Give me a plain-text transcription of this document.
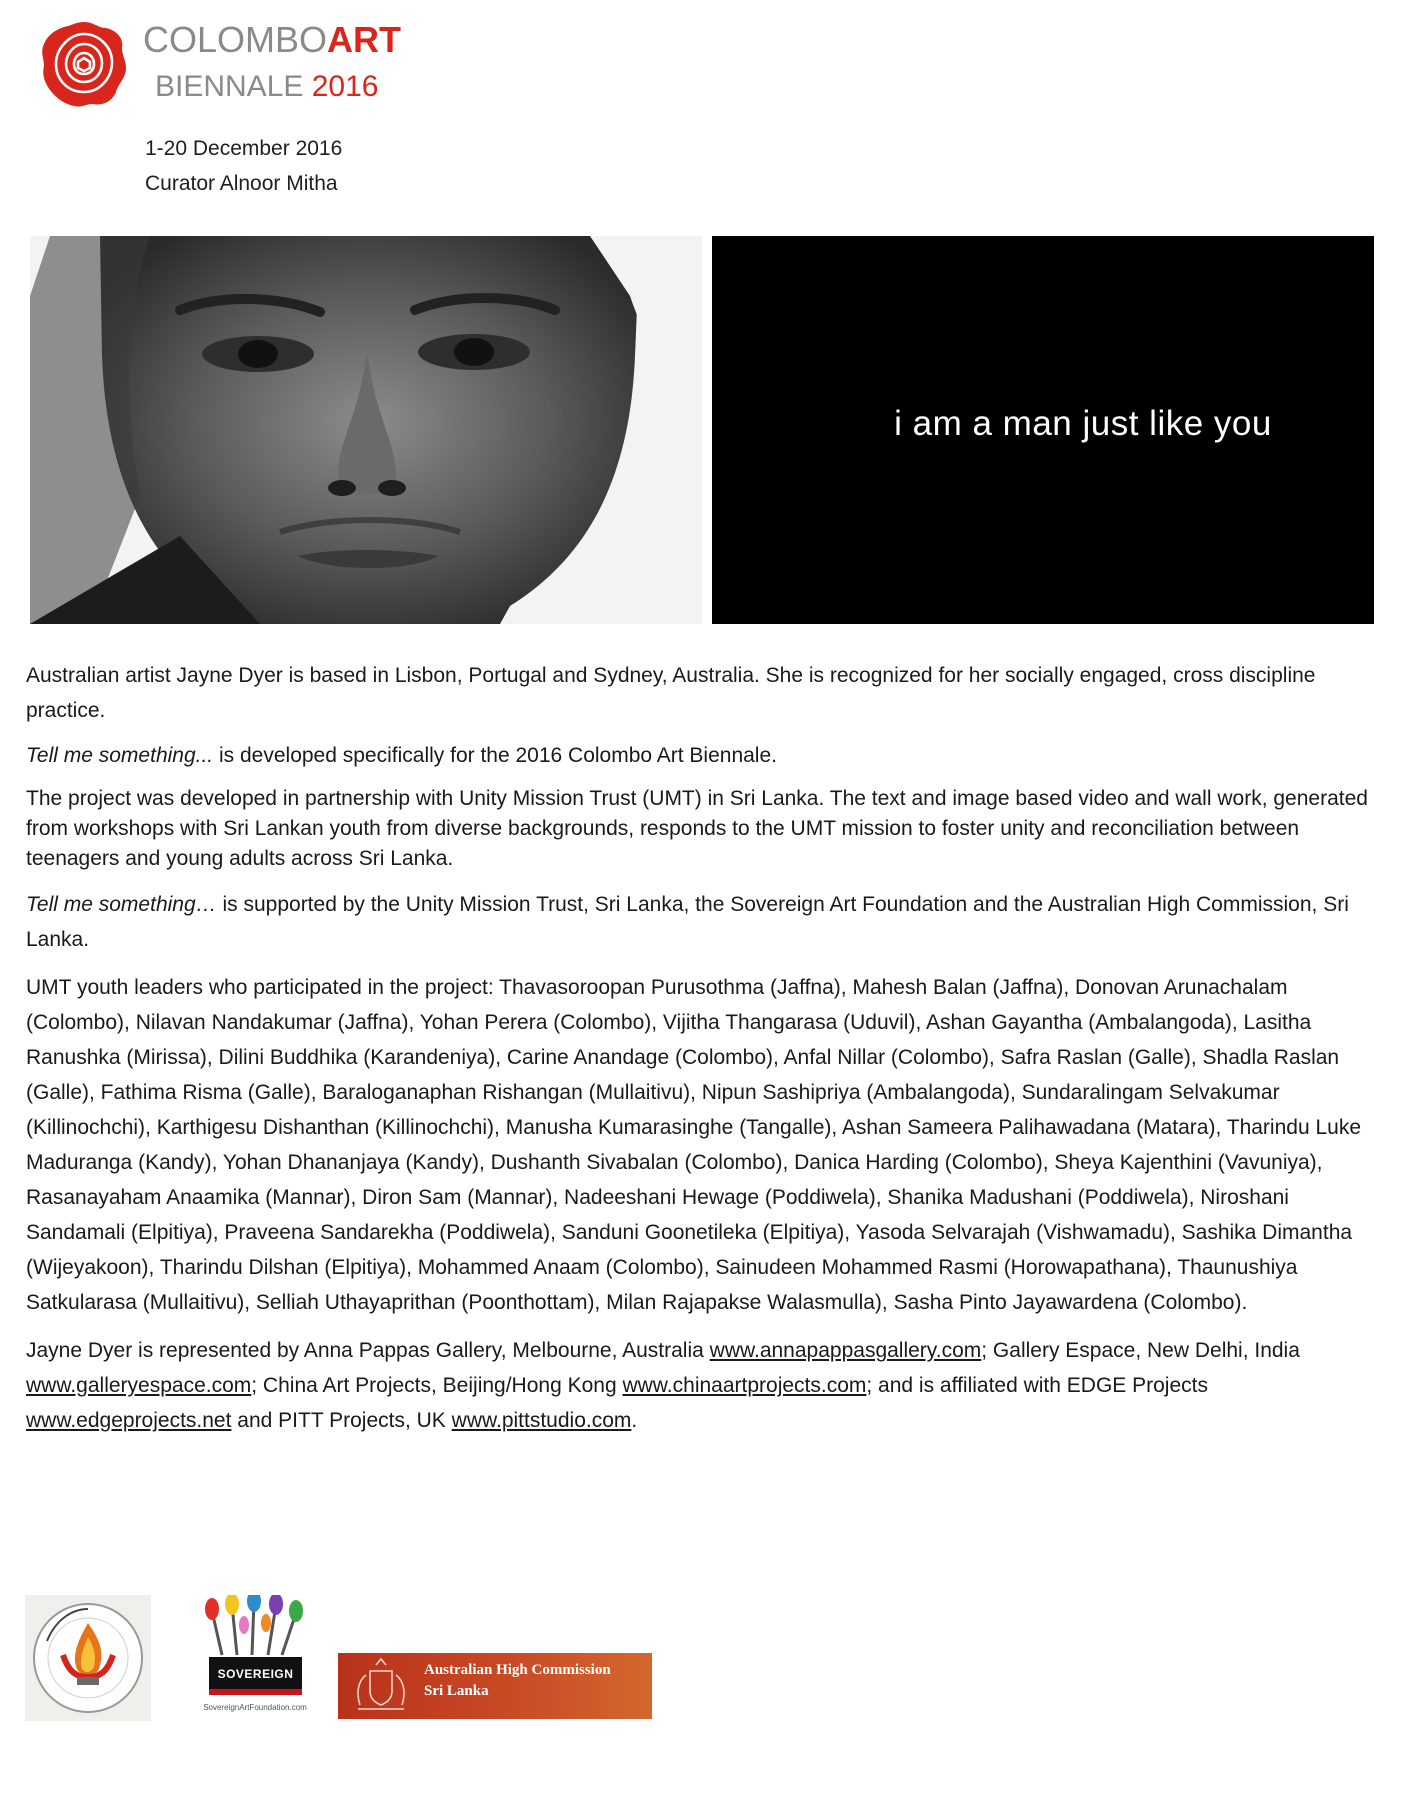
COLOMBOART
BIENNALE 2016
1-20 December 2016
Curator Alnoor Mitha
i am a man just like you

Australian artist Jayne Dyer is based in Lisbon, Portugal and Sydney, Australia. She is recognized for her socially engaged, cross discipline practice.

Tell me something... is developed specifically for the 2016 Colombo Art Biennale.

The project was developed in partnership with Unity Mission Trust (UMT) in Sri Lanka. The text and image based video and wall work, generated from workshops with Sri Lankan youth from diverse backgrounds, responds to the UMT mission to foster unity and reconciliation between teenagers and young adults across Sri Lanka.

Tell me something… is supported by the Unity Mission Trust, Sri Lanka, the Sovereign Art Foundation and the Australian High Commission, Sri Lanka.

UMT youth leaders who participated in the project: Thavasoroopan Purusothma (Jaffna), Mahesh Balan (Jaffna), Donovan Arunachalam (Colombo), Nilavan Nandakumar (Jaffna), Yohan Perera (Colombo), Vijitha Thangarasa (Uduvil), Ashan Gayantha (Ambalangoda), Lasitha Ranushka (Mirissa), Dilini Buddhika (Karandeniya), Carine Anandage (Colombo), Anfal Nillar (Colombo), Safra Raslan (Galle), Shadla Raslan (Galle), Fathima Risma (Galle), Baraloganaphan Rishangan (Mullaitivu), Nipun Sashipriya (Ambalangoda), Sundaralingam Selvakumar (Killinochchi), Karthigesu Dishanthan (Killinochchi), Manusha Kumarasinghe (Tangalle), Ashan Sameera Palihawadana (Matara), Tharindu Luke Maduranga (Kandy), Yohan Dhananjaya (Kandy), Dushanth Sivabalan (Colombo), Danica Harding (Colombo), Sheya Kajenthini (Vavuniya), Rasanayaham Anaamika (Mannar), Diron Sam (Mannar), Nadeeshani Hewage (Poddiwela), Shanika Madushani (Poddiwela), Niroshani Sandamali (Elpitiya), Praveena Sandarekha (Poddiwela), Sanduni Goonetileka (Elpitiya), Yasoda Selvarajah (Vishwamadu), Sashika Dimantha (Wijeyakoon), Tharindu Dilshan (Elpitiya), Mohammed Anaam (Colombo), Sainudeen Mohammed Rasmi (Horowapathana), Thaunushiya Satkularasa (Mullaitivu), Selliah Uthayaprithan (Poonthottam), Milan Rajapakse Walasmulla), Sasha Pinto Jayawardena (Colombo).

Jayne Dyer is represented by Anna Pappas Gallery, Melbourne, Australia www.annapappasgallery.com; Gallery Espace, New Delhi, India www.galleryespace.com; China Art Projects, Beijing/Hong Kong www.chinaartprojects.com; and is affiliated with EDGE Projects www.edgeprojects.net and PITT Projects, UK www.pittstudio.com.

SOVEREIGN
SovereignArtFoundation.com
Australian High Commission
Sri Lanka
